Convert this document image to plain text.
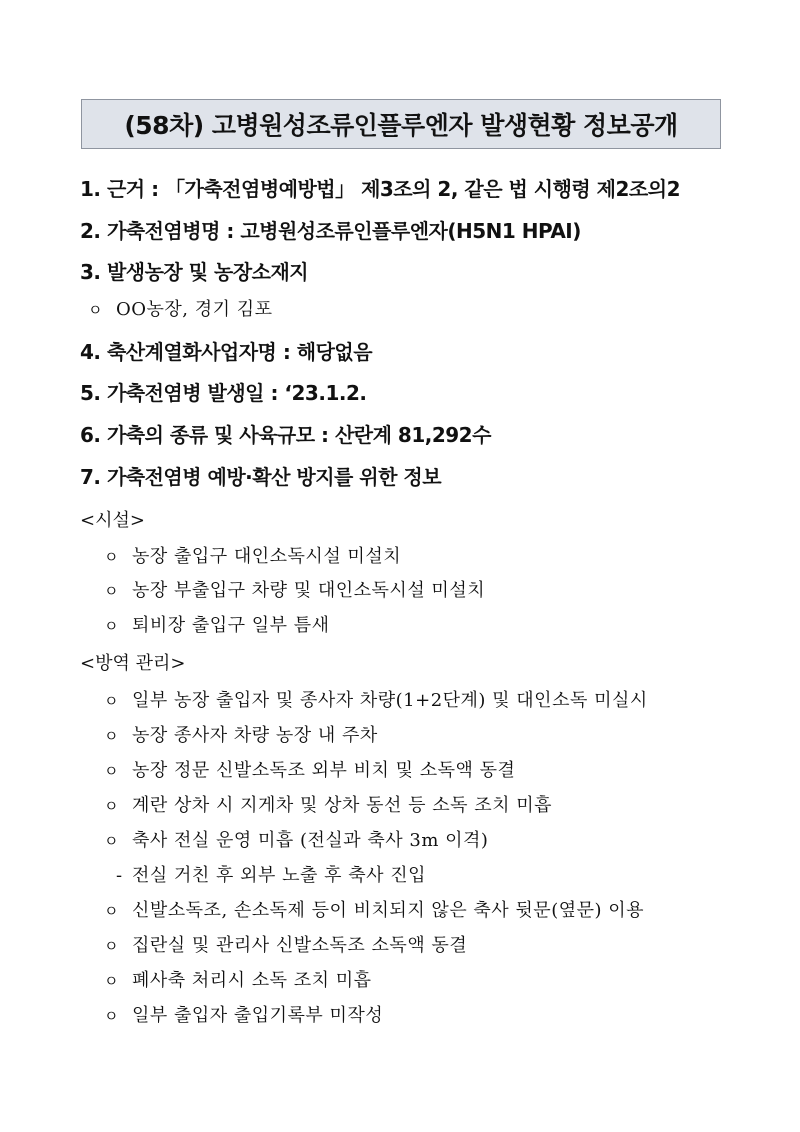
(58차) 고병원성조류인플루엔자 발생현황 정보공개
1. 근거 : 「가축전염병예방법」 제3조의 2, 같은 법 시행령 제2조의2
2. 가축전염병명 : 고병원성조류인플루엔자(H5N1 HPAI)
3. 발생농장 및 농장소재지
ㅇ OO농장, 경기 김포
4. 축산계열화사업자명 : 해당없음
5. 가축전염병 발생일 : ‘23.1.2.
6. 가축의 종류 및 사육규모 : 산란계 81,292수
7. 가축전염병 예방·확산 방지를 위한 정보
<시설>
ㅇ 농장 출입구 대인소독시설 미설치
ㅇ 농장 부출입구 차량 및 대인소독시설 미설치
ㅇ 퇴비장 출입구 일부 틈새
<방역 관리>
ㅇ 일부 농장 출입자 및 종사자 차량(1+2단계) 및 대인소독 미실시
ㅇ 농장 종사자 차량 농장 내 주차
ㅇ 농장 정문 신발소독조 외부 비치 및 소독액 동결
ㅇ 계란 상차 시 지게차 및 상차 동선 등 소독 조치 미흡
ㅇ 축사 전실 운영 미흡 (전실과 축사 3m 이격)
- 전실 거친 후 외부 노출 후 축사 진입
ㅇ 신발소독조, 손소독제 등이 비치되지 않은 축사 뒷문(옆문) 이용
ㅇ 집란실 및 관리사 신발소독조 소독액 동결
ㅇ 폐사축 처리시 소독 조치 미흡
ㅇ 일부 출입자 출입기록부 미작성
